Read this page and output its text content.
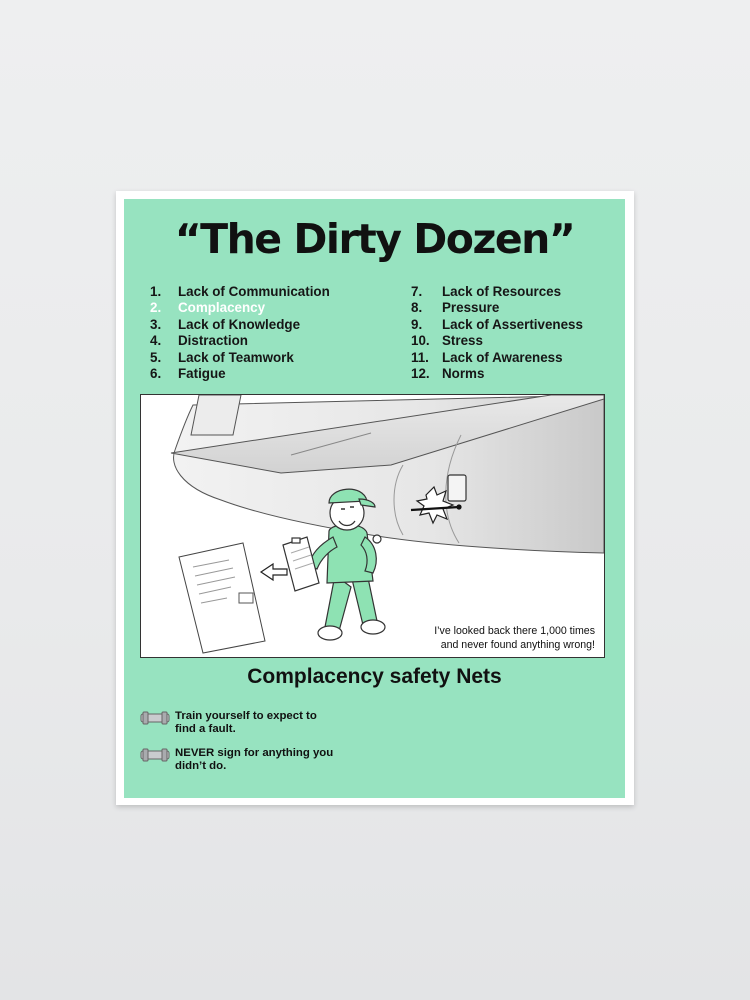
“The Dirty Dozen”
1. Lack of Communication
2. Complacency
3. Lack of Knowledge
4. Distraction
5. Lack of Teamwork
6. Fatigue
7. Lack of Resources
8. Pressure
9. Lack of Assertiveness
10. Stress
11. Lack of Awareness
12. Norms
I’ve looked back there 1,000 times
and never found anything wrong!
Complacency safety Nets
Train yourself to expect to
find a fault.
NEVER sign for anything you
didn’t do.
